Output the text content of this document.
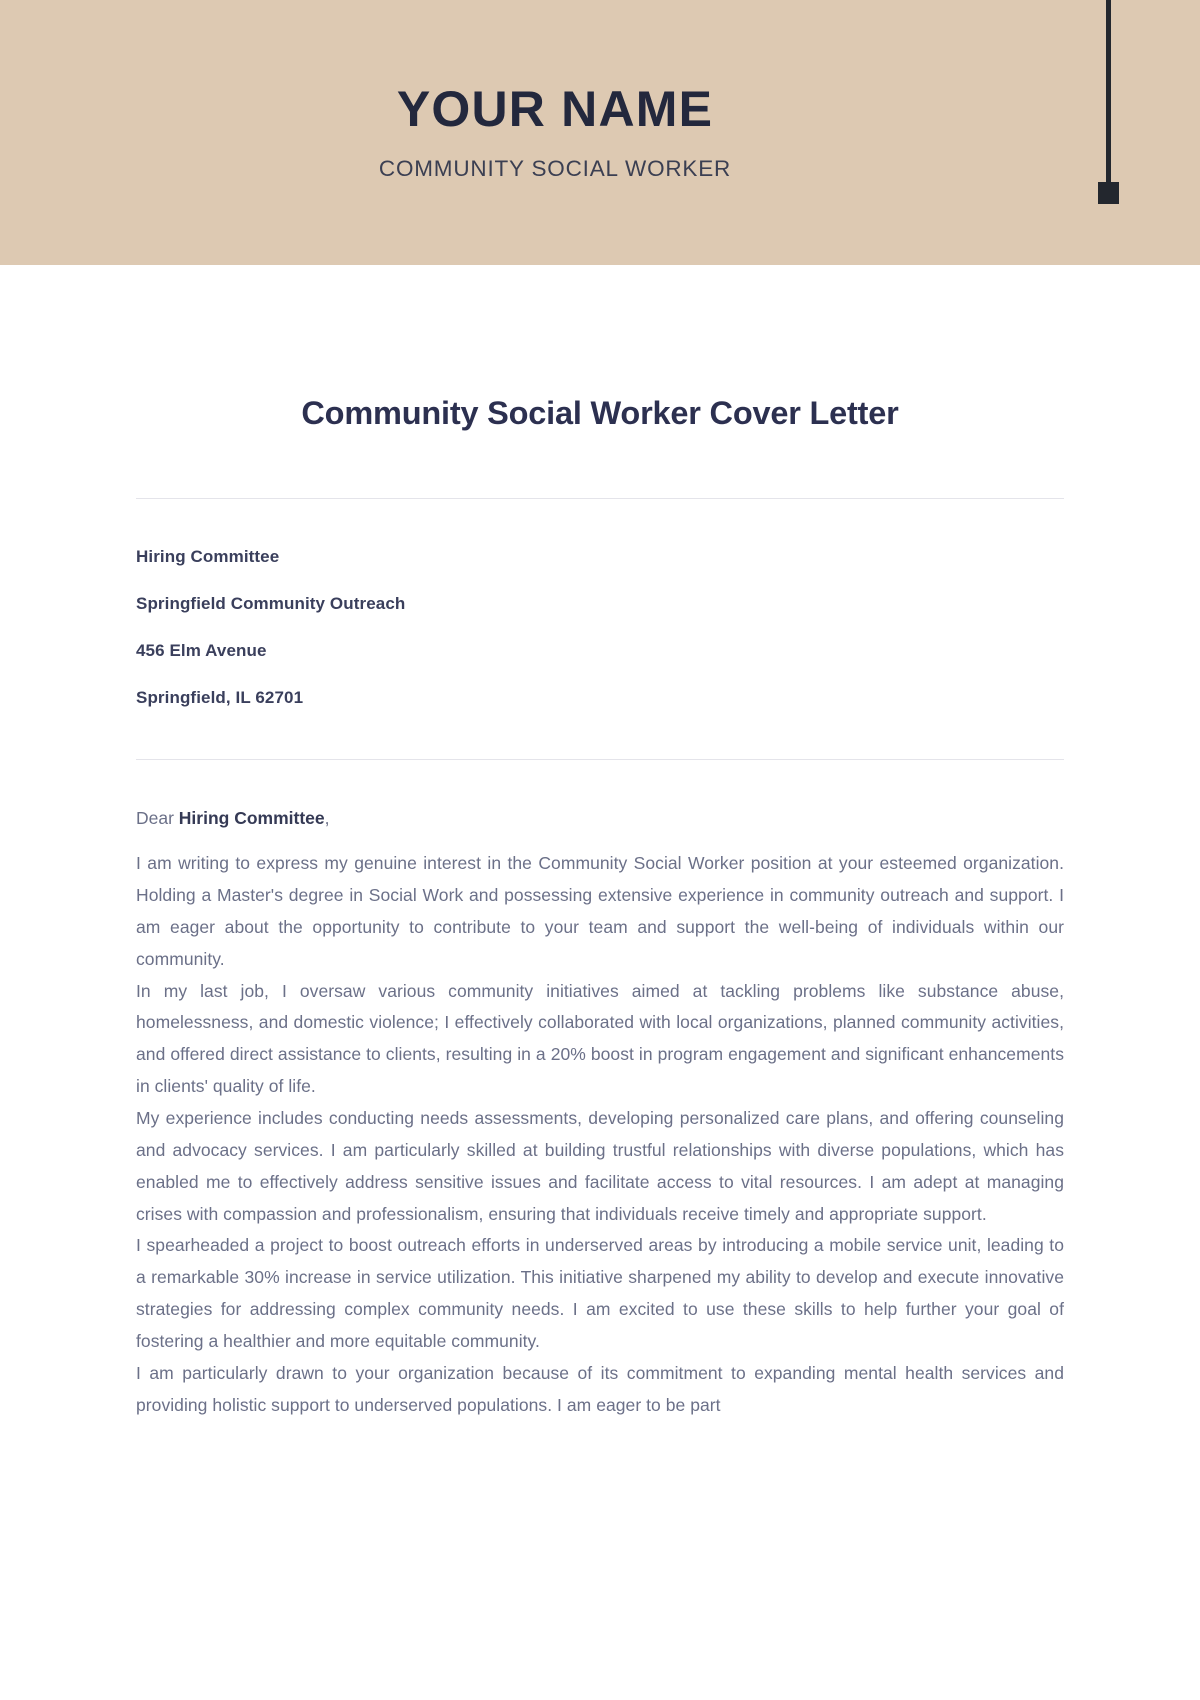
YOUR NAME
COMMUNITY SOCIAL WORKER
Community Social Worker Cover Letter

Hiring Committee

Springfield Community Outreach

456 Elm Avenue

Springfield, IL 62701

Dear Hiring Committee,

I am writing to express my genuine interest in the Community Social Worker position at your esteemed organization. Holding a Master's degree in Social Work and possessing extensive experience in community outreach and support. I am eager about the opportunity to contribute to your team and support the well-being of individuals within our community.

In my last job, I oversaw various community initiatives aimed at tackling problems like substance abuse, homelessness, and domestic violence; I effectively collaborated with local organizations, planned community activities, and offered direct assistance to clients, resulting in a 20% boost in program engagement and significant enhancements in clients' quality of life.

My experience includes conducting needs assessments, developing personalized care plans, and offering counseling and advocacy services. I am particularly skilled at building trustful relationships with diverse populations, which has enabled me to effectively address sensitive issues and facilitate access to vital resources. I am adept at managing crises with compassion and professionalism, ensuring that individuals receive timely and appropriate support.

I spearheaded a project to boost outreach efforts in underserved areas by introducing a mobile service unit, leading to a remarkable 30% increase in service utilization. This initiative sharpened my ability to develop and execute innovative strategies for addressing complex community needs. I am excited to use these skills to help further your goal of fostering a healthier and more equitable community.

I am particularly drawn to your organization because of its commitment to expanding mental health services and providing holistic support to underserved populations. I am eager to be part
